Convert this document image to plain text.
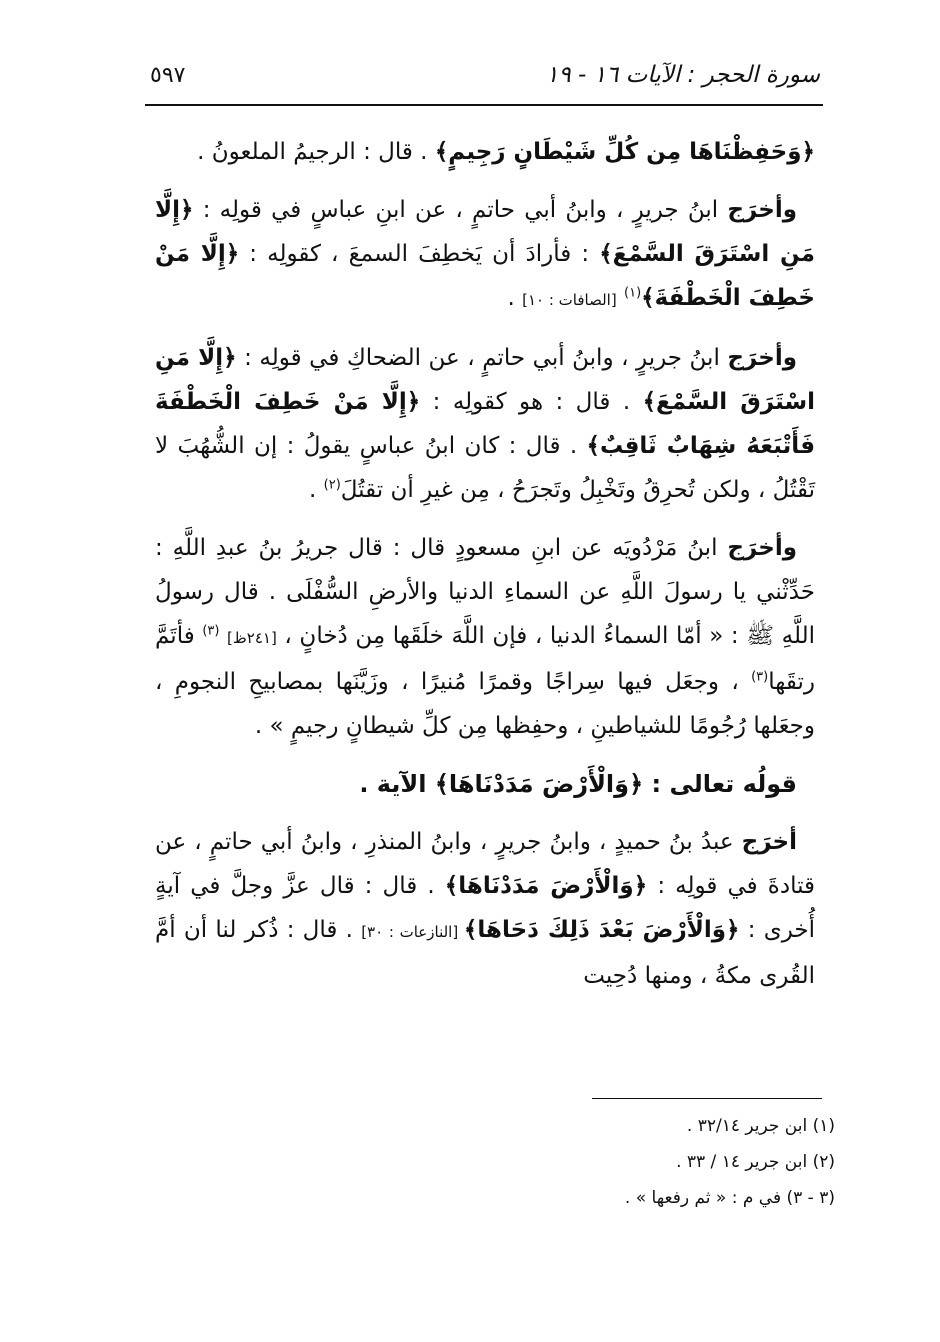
٥٩٧	سورة الحجر : الآيات ١٦ - ١٩

﴿وَحَفِظْنَاهَا مِن كُلِّ شَيْطَانٍ رَجِيمٍ﴾ . قال : الرجيمُ الملعونُ .

وأخرَج ابنُ جريرٍ ، وابنُ أبي حاتمٍ ، عن ابنِ عباسٍ في قولِه : ﴿إِلَّا مَنِ اسْتَرَقَ السَّمْعَ﴾ : فأرادَ أن يَخطِفَ السمعَ ، كقولِه : ﴿إِلَّا مَنْ خَطِفَ الْخَطْفَةَ﴾$^{(١)}$ [الصافات : ١٠] .

وأخرَج ابنُ جريرٍ ، وابنُ أبي حاتمٍ ، عن الضحاكِ في قولِه : ﴿إِلَّا مَنِ اسْتَرَقَ السَّمْعَ﴾ . قال : هو كقولِه : ﴿إِلَّا مَنْ خَطِفَ الْخَطْفَةَ فَأَتْبَعَهُ شِهَابٌ ثَاقِبٌ﴾ . قال : كان ابنُ عباسٍ يقولُ : إن الشُّهُبَ لا تَقْتُلُ ، ولكن تُحرِقُ وتَخْبِلُ وتَجرَحُ ، مِن غيرِ أن تقتُلَ$^{(٢)}$ .

وأخرَج ابنُ مَرْدُويَه عن ابنِ مسعودٍ قال : قال جريرُ بنُ عبدِ اللَّهِ : حَدِّثْني يا رسولَ اللَّهِ عن السماءِ الدنيا والأرضِ السُّفْلَى . قال رسولُ اللَّهِ ﷺ : « أمّا السماءُ الدنيا ، فإن اللَّهَ خلَقَها مِن دُخانٍ ، [٢٤١ظ] $^{(٣)}$ فأتَمَّ رتقَها$^{(٣)}$ ، وجعَل فيها سِراجًا وقمرًا مُنيرًا ، وزَيَّنَها بمصابيحِ النجومِ ، وجعَلها رُجُومًا للشياطينِ ، وحفِظها مِن كلِّ شيطانٍ رجيمٍ » .

قولُه تعالى : ﴿وَالْأَرْضَ مَدَدْنَاهَا﴾ الآية .

أخرَج عبدُ بنُ حميدٍ ، وابنُ جريرٍ ، وابنُ المنذرِ ، وابنُ أبي حاتمٍ ، عن قتادةَ في قولِه : ﴿وَالْأَرْضَ مَدَدْنَاهَا﴾ . قال : قال عزَّ وجلَّ في آيةٍ أُخرى : ﴿وَالْأَرْضَ بَعْدَ ذَلِكَ دَحَاهَا﴾ [النازعات : ٣٠] . قال : ذُكر لنا أن أمَّ القُرى مكةُ ، ومنها دُحِيت

(١) ابن جرير ٣٢/١٤ .

(٢) ابن جرير ١٤ / ٣٣ .

(٣ - ٣) في م : « ثم رفعها » .
